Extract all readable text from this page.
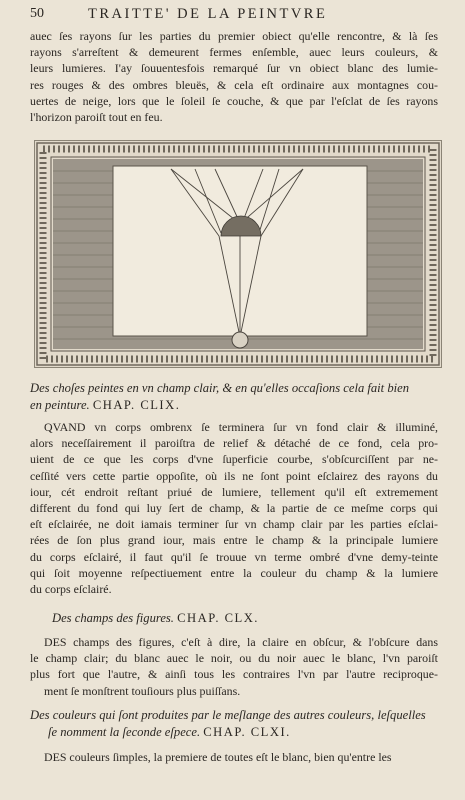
50	TRAITTE' DE LA PEINTVRE

auec ſes rayons ſur les parties du premier obiect qu'elle rencontre, & là ſes
rayons s'arreſtent & demeurent fermes enſemble, auec leurs couleurs, &
leurs lumieres. I'ay ſouuentesfois remarqué ſur vn obiect blanc des lumie-
res rouges & des ombres bleuës, & cela eſt ordinaire aux montagnes cou-
uertes de neige, lors que le ſoleil ſe couche, & que par l'eſclat de ſes rayons
l'horizon paroiſt tout en feu.

Des choſes peintes en vn champ clair, & en qu'elles occaſions cela fait bien
en peinture. CHAP. CLIX.

QVAND vn corps ombrenx ſe terminera ſur vn fond clair & illuminé,
alors neceſſairement il paroiſtra de relief & détaché de ce fond, cela pro-
uient de ce que les corps d'vne ſuperficie courbe, s'obſcurciſſent par ne-
ceſſité vers cette partie oppoſite, où ils ne ſont point eſclairez des rayons du
iour, cét endroit reſtant priué de lumiere, tellement qu'il eſt extremement
different du fond qui luy ſert de champ, & la partie de ce meſme corps qui
eſt eſclairée, ne doit iamais terminer ſur vn champ clair par les parties eſclai-
rées de ſon plus grand iour, mais entre le champ & la principale lumiere
du corps eſclairé, il faut qu'il ſe trouue vn terme ombré d'vne demy-teinte
qui ſoit moyenne reſpectiuement entre la couleur du champ & la lumiere
du corps eſclairé.

Des champs des figures. CHAP. CLX.

DES champs des figures, c'eſt à dire, la claire en obſcur, & l'obſcure dans
le champ clair; du blanc auec le noir, ou du noir auec le blanc, l'vn paroiſt
plus fort que l'autre, & ainſi tous les contraires l'vn par l'autre reciproque-
ment ſe monſtrent touſiours plus puiſſans.

Des couleurs qui ſont produites par le meſlange des autres couleurs, leſquelles
ſe nomment la ſeconde eſpece. CHAP. CLXI.

DES couleurs ſimples, la premiere de toutes eſt le blanc, bien qu'entre les
